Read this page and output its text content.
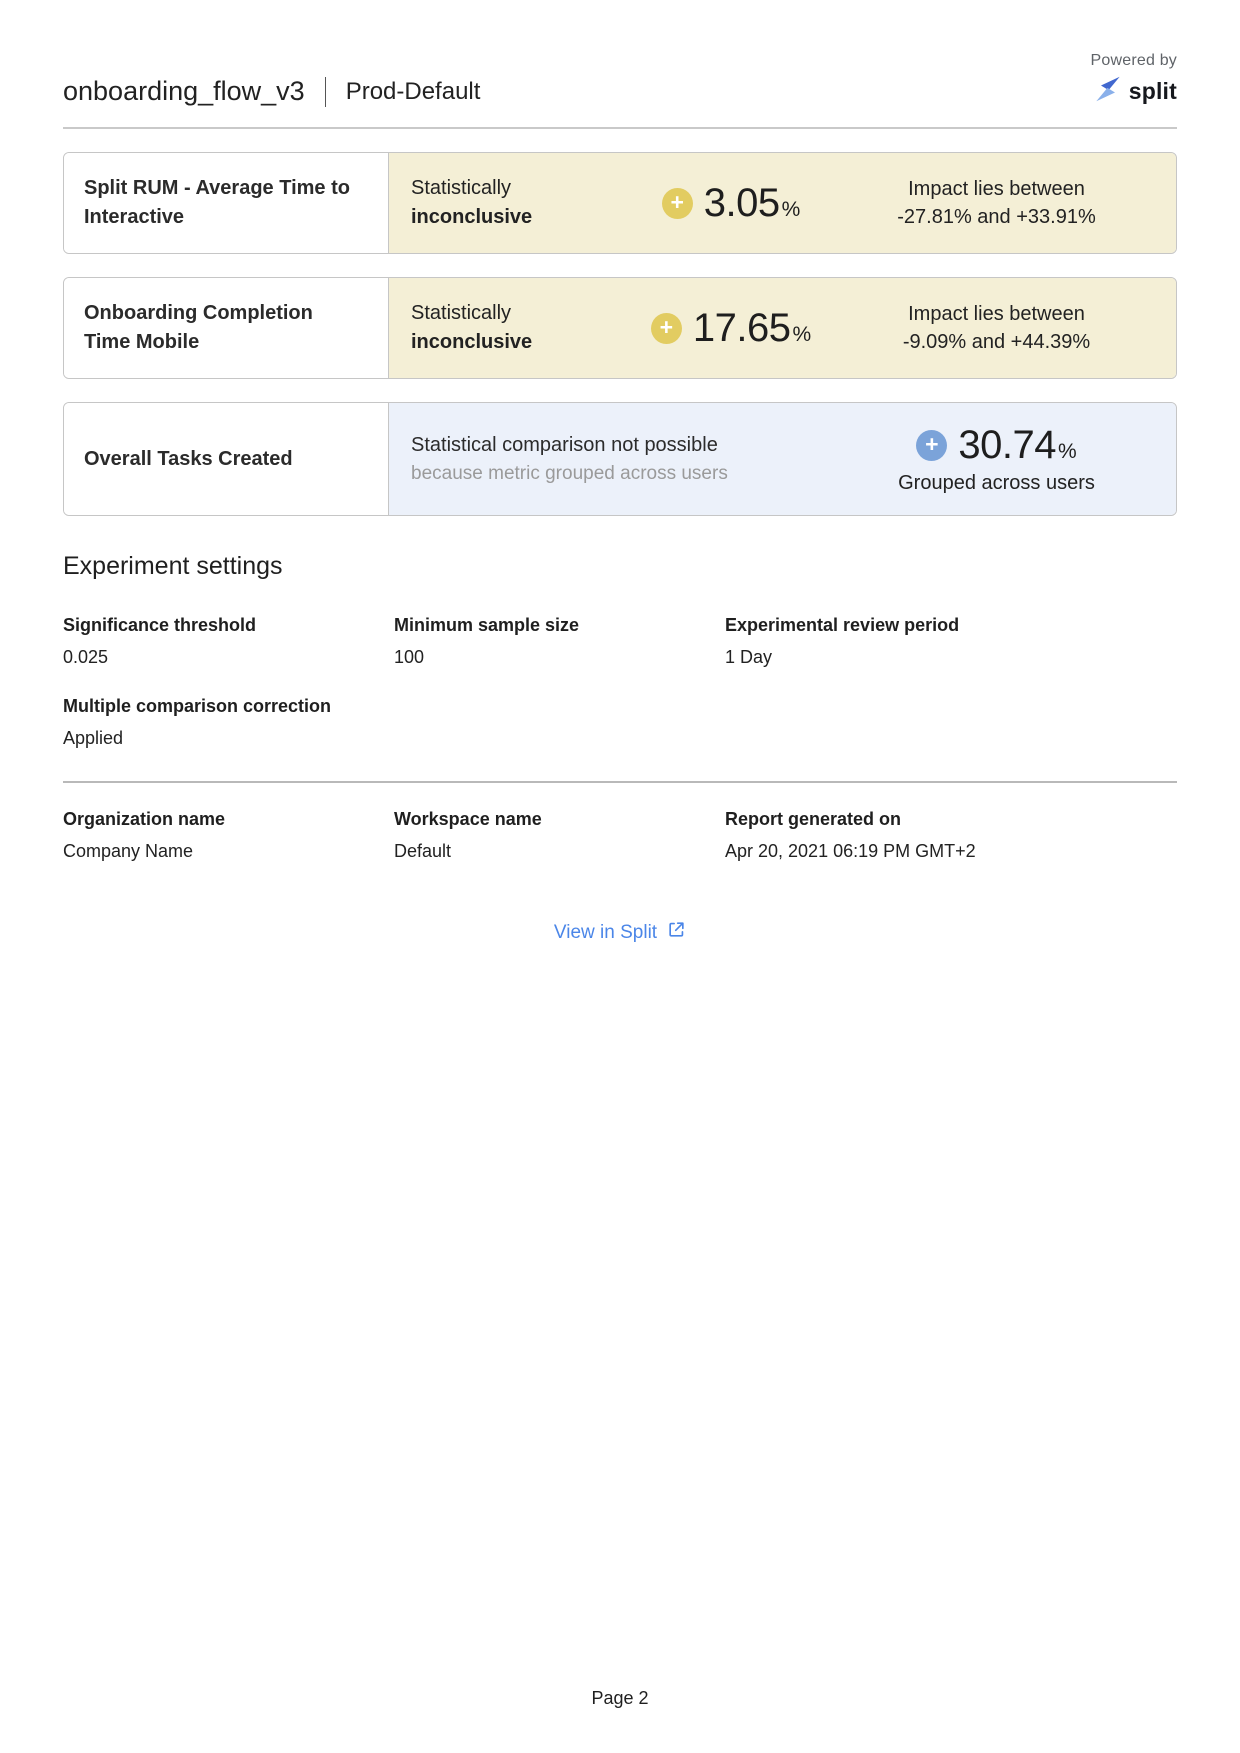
Powered by
split
onboarding_flow_v3 Prod-Default
Split RUM - Average Time to Interactive
Statistically
inconclusive +	3.05%
Impact lies between
-27.81% and +33.91%
Onboarding Completion Time Mobile
Statistically
inconclusive +	17.65%
Impact lies between
-9.09% and +44.39%
Overall Tasks Created
Statistical comparison not possible
because metric grouped across users
+
30.74%
Grouped across users
Experiment settings
Significance threshold
0.025
Minimum sample size
100
Experimental review period
1 Day
Multiple comparison correction
Applied
Organization name
Company Name
Workspace name
Default
Report generated on
Apr 20, 2021 06:19 PM GMT+2
View in Split
Page 2
